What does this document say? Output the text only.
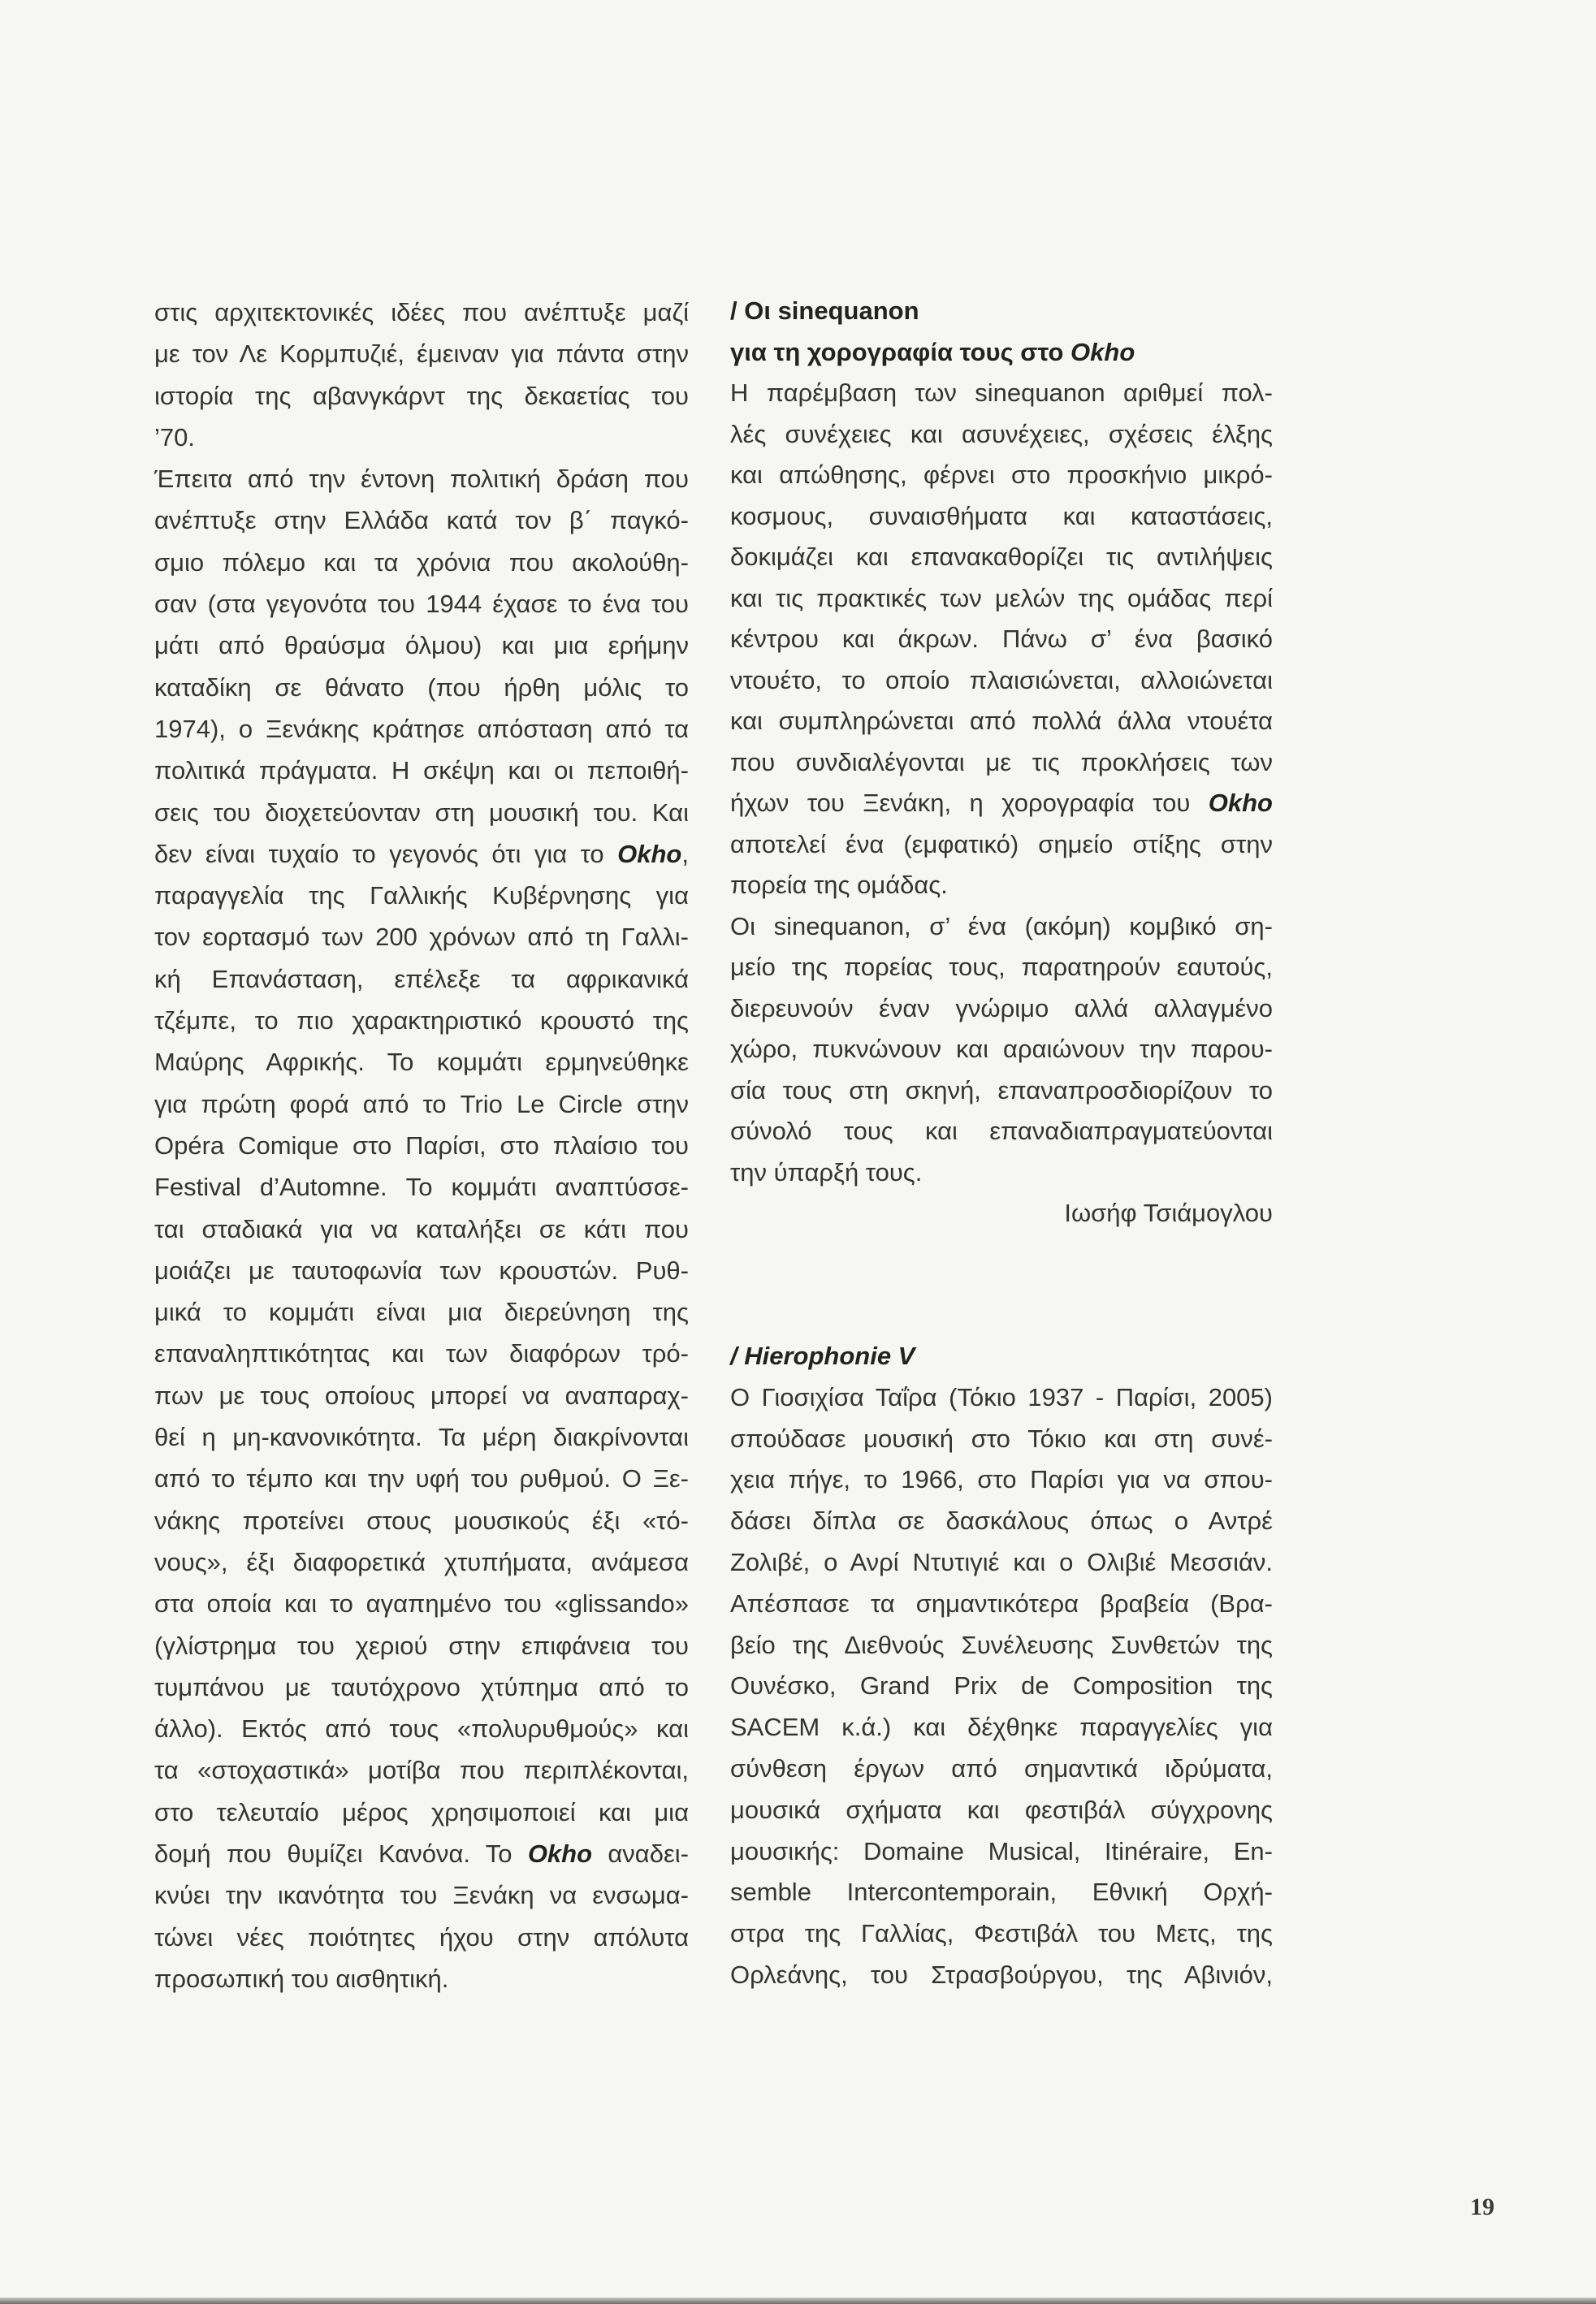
στις αρχιτεκτονικές ιδέες που ανέπτυξε μαζί
με τον Λε Κορμπυζιέ, έμειναν για πάντα στην
ιστορία της αβανγκάρντ της δεκαετίας του
’70.
Έπειτα από την έντονη πολιτική δράση που
ανέπτυξε στην Ελλάδα κατά τον β΄ παγκό-
σμιο πόλεμο και τα χρόνια που ακολούθη-
σαν (στα γεγονότα του 1944 έχασε το ένα του
μάτι από θραύσμα όλμου) και μια ερήμην
καταδίκη σε θάνατο (που ήρθη μόλις το
1974), ο Ξενάκης κράτησε απόσταση από τα
πολιτικά πράγματα. Η σκέψη και οι πεποιθή-
σεις του διοχετεύονταν στη μουσική του. Και
δεν είναι τυχαίο το γεγονός ότι για το Okho,
παραγγελία της Γαλλικής Κυβέρνησης για
τον εορτασμό των 200 χρόνων από τη Γαλλι-
κή Επανάσταση, επέλεξε τα αφρικανικά
τζέμπε, το πιο χαρακτηριστικό κρουστό της
Μαύρης Αφρικής. Το κομμάτι ερμηνεύθηκε
για πρώτη φορά από το Trio Le Circle στην
Opéra Comique στο Παρίσι, στο πλαίσιο του
Festival d’Automne. Το κομμάτι αναπτύσσε-
ται σταδιακά για να καταλήξει σε κάτι που
μοιάζει με ταυτοφωνία των κρουστών. Ρυθ-
μικά το κομμάτι είναι μια διερεύνηση της
επαναληπτικότητας και των διαφόρων τρό-
πων με τους οποίους μπορεί να αναπαραχ-
θεί η μη-κανονικότητα. Τα μέρη διακρίνονται
από το τέμπο και την υφή του ρυθμού. Ο Ξε-
νάκης προτείνει στους μουσικούς έξι «τό-
νους», έξι διαφορετικά χτυπήματα, ανάμεσα
στα οποία και το αγαπημένο του «glissando»
(γλίστρημα του χεριού στην επιφάνεια του
τυμπάνου με ταυτόχρονο χτύπημα από το
άλλο). Εκτός από τους «πολυρυθμούς» και
τα «στοχαστικά» μοτίβα που περιπλέκονται,
στο τελευταίο μέρος χρησιμοποιεί και μια
δομή που θυμίζει Κανόνα. Το Okho αναδει-
κνύει την ικανότητα του Ξενάκη να ενσωμα-
τώνει νέες ποιότητες ήχου στην απόλυτα
προσωπική του αισθητική.
/ Οι sinequanon
για τη χορογραφία τους στο Okho
Η παρέμβαση των sinequanon αριθμεί πολ-
λές συνέχειες και ασυνέχειες, σχέσεις έλξης
και απώθησης, φέρνει στο προσκήνιο μικρό-
κοσμους, συναισθήματα και καταστάσεις,
δοκιμάζει και επανακαθορίζει τις αντιλήψεις
και τις πρακτικές των μελών της ομάδας περί
κέντρου και άκρων. Πάνω σ’ ένα βασικό
ντουέτο, το οποίο πλαισιώνεται, αλλοιώνεται
και συμπληρώνεται από πολλά άλλα ντουέτα
που συνδιαλέγονται με τις προκλήσεις των
ήχων του Ξενάκη, η χορογραφία του Okho
αποτελεί ένα (εμφατικό) σημείο στίξης στην
πορεία της ομάδας.
Οι sinequanon, σ’ ένα (ακόμη) κομβικό ση-
μείο της πορείας τους, παρατηρούν εαυτούς,
διερευνούν έναν γνώριμο αλλά αλλαγμένο
χώρο, πυκνώνουν και αραιώνουν την παρου-
σία τους στη σκηνή, επαναπροσδιορίζουν το
σύνολό τους και επαναδιαπραγματεύονται
την ύπαρξή τους.
Ιωσήφ Τσιάμογλου
/ Hierophonie V
Ο Γιοσιχίσα Ταΐρα (Τόκιο 1937 - Παρίσι, 2005)
σπούδασε μουσική στο Τόκιο και στη συνέ-
χεια πήγε, το 1966, στο Παρίσι για να σπου-
δάσει δίπλα σε δασκάλους όπως ο Αντρέ
Ζολιβέ, ο Ανρί Ντυτιγιέ και ο Ολιβιέ Μεσσιάν.
Απέσπασε τα σημαντικότερα βραβεία (Βρα-
βείο της Διεθνούς Συνέλευσης Συνθετών της
Ουνέσκο, Grand Prix de Composition της
SACEM κ.ά.) και δέχθηκε παραγγελίες για
σύνθεση έργων από σημαντικά ιδρύματα,
μουσικά σχήματα και φεστιβάλ σύγχρονης
μουσικής: Domaine Musical, Itinéraire, En-
semble Intercontemporain, Εθνική Ορχή-
στρα της Γαλλίας, Φεστιβάλ του Μετς, της
Ορλεάνης, του Στρασβούργου, της Αβινιόν,
19
